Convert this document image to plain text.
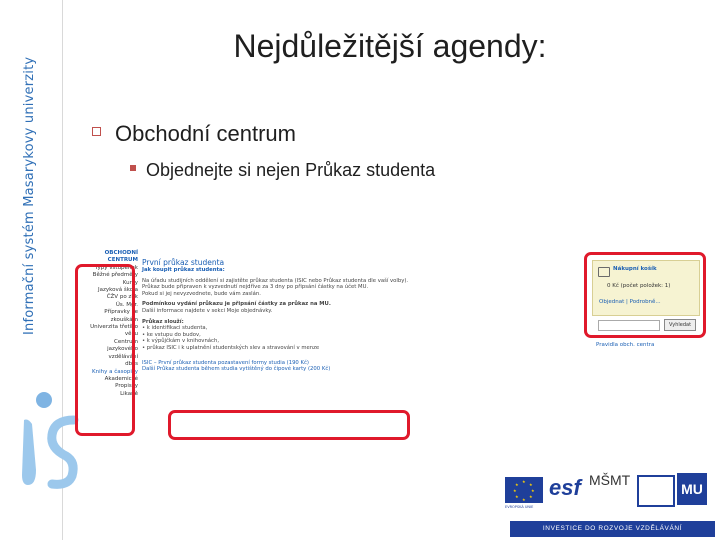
Informační systém Masarykovy univerzity
Nejdůležitější agendy:
Obchodní centrum
Objednejte si nejen Průkaz studenta
OBCHODNÍ
CENTRUM
Typy vstupenek
Běžné předměty
Kurzy
Jazyková škola
ČŽV po zbk
Ús. Mgr.
Přípravky ke
zkouškám
Univerzita třetího
věku
Centrum
jazykového
vzdělávání
dbcs
Knihy a časopisy
Akademické
Propisky
Likaně
První průkaz studenta

Jak koupit průkaz studenta:

Na úřadu studijních oddělení si zajistěte průkaz studenta (ISIC nebo Průkaz studenta dle vaší volby).

Průkaz bude připraven k vyzvednutí nejdříve za 3 dny po připsání částky na účet MU.

Pokud si jej nevyzvednete, bude vám zaslán.

Podmínkou vydání průkazu je připsání částky za průkaz na MU.

Další informace najdete v sekci Moje objednávky.

Průkaz slouží:

• k identifikaci studenta,

• ke vstupu do budov,

• k výpůjčkám v knihovnách,

• průkaz ISIC i k uplatnění studentských slev a stravování v menze

ISIC – První průkaz studenta pozastavení formy studia (190 Kč)

Další Průkaz studenta během studia vytištěný do čipové karty (200 Kč)

Nákupní košík
0 Kč (počet položek: 1)
Objednat | Podrobně...
Vyhledat
Pravidla obch. centra
★
★
★
★
★
★
★
★
EVROPSKÁ UNIE
esf MŠMT
MU
INVESTICE DO ROZVOJE VZDĚLÁVÁNÍ
